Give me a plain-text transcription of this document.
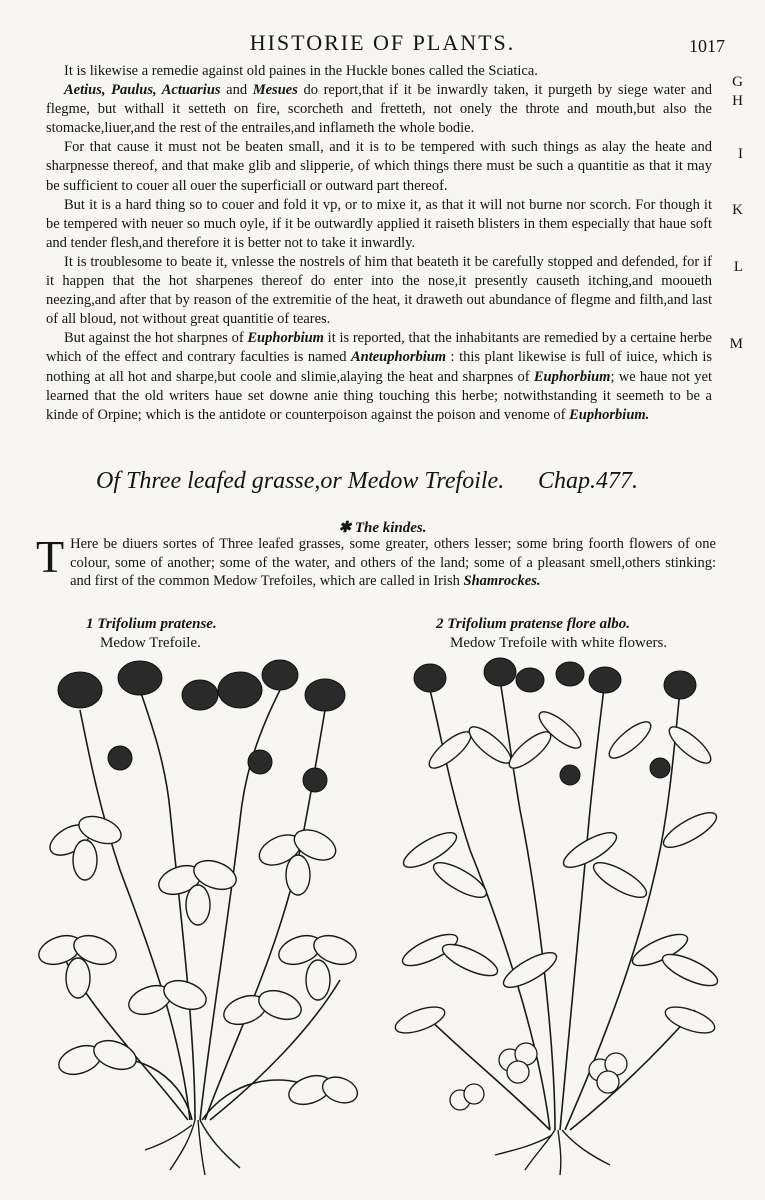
HISTORIE OF PLANTS.	1017
G
H
I
K
L
M

It is likewise a remedie against old paines in the Huckle bones called the Sciatica.

Aetius, Paulus, Actuarius and Mesues do report,that if it be inwardly taken, it purgeth by siege water and flegme, but withall it setteth on fire, scorcheth and fretteth, not onely the throte and mouth,but also the stomacke,liuer,and the rest of the entrailes,and inflameth the whole bodie.

For that cause it must not be beaten small, and it is to be tempered with such things as alay the heate and sharpnesse thereof, and that make glib and slipperie, of which things there must be such a quantitie as that it may be sufficient to couer all ouer the superficiall or outward part thereof.

But it is a hard thing so to couer and fold it vp, or to mixe it, as that it will not burne nor scorch. For though it be tempered with neuer so much oyle, if it be outwardly applied it raiseth blisters in them especially that haue soft and tender flesh,and therefore it is better not to take it inwardly.

It is troublesome to beate it, vnlesse the nostrels of him that beateth it be carefully stopped and defended, for if it happen that the hot sharpenes thereof do enter into the nose,it presently causeth itching,and mooueth neezing,and after that by reason of the extremitie of the heat, it draweth out abundance of flegme and filth,and last of all bloud, not without great quantitie of teares.

But against the hot sharpnes of Euphorbium it is reported, that the inhabitants are remedied by a certaine herbe which of the effect and contrary faculties is named Anteuphorbium : this plant likewise is full of iuice, which is nothing at all hot and sharpe,but coole and slimie,alaying the heat and sharpnes of Euphorbium; we haue not yet learned that the old writers haue set downe anie thing touching this herbe; notwithstanding it seemeth to be a kinde of Orpine; which is the antidote or counterpoison against the poison and venome of Euphorbium.

Of Three leafed grasse,or Medow Trefoile. Chap.477.
✱ The kindes.
T Here be diuers sortes of Three leafed grasses, some greater, others lesser; some bring foorth flowers of one colour, some of another; some of the water, and others of the land; some of a pleasant smell,others stinking: and first of the common Medow Trefoiles, which are called in Irish Shamrockes.
1 Trifolium pratense.
Medow Trefoile.
2 Trifolium pratense flore albo.
Medow Trefoile with white flowers.
